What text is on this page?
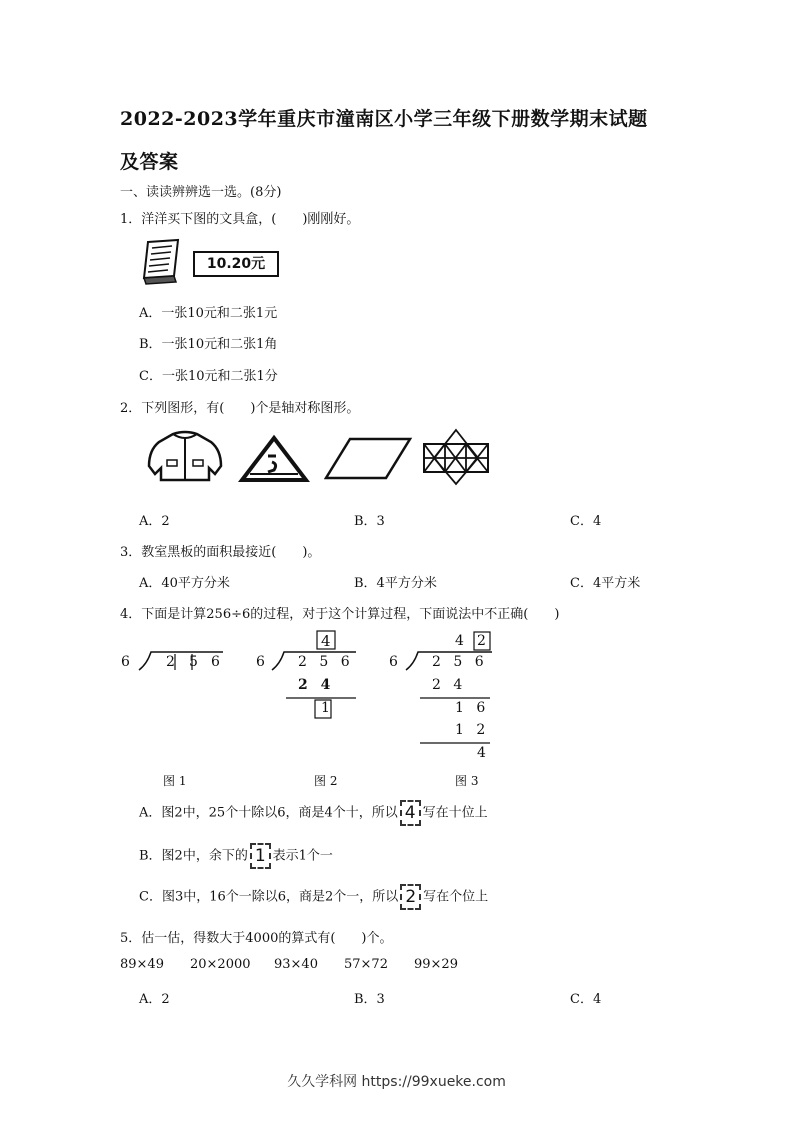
2022-2023学年重庆市潼南区小学三年级下册数学期末试题
及答案
一、读读辨辨选一选。(8分)
1．洋洋买下图的文具盒，(　　)刚刚好。
10.20元
A．一张10元和二张1元
B．一张10元和二张1角
C．一张10元和二张1分
2．下列图形，有(　　)个是轴对称图形。
A．2	B．3	C．4
3．教室黑板的面积最接近(　　)。
A．40平方分米	B．4平方分米	C．4平方米
4．下面是计算256÷6的过程，对于这个计算过程，下面说法中不正确(　　)
6	2 5 6
4
6 2 5 6
2 4
1
4 2
6 2 5 6
2 4
1 6
1 2
4
图 1	图 2	图 3
A．图2中，25个十除以6，商是4个十，所以 4 写在十位上
B．图2中，余下的 1 表示1个一
C．图3中，16个一除以6，商是2个一，所以 2 写在个位上
5．估一估，得数大于4000的算式有(　　)个。
89×49 20×2000 93×40 57×72 99×29
A．2	B．3	C．4
久久学科网 https://99xueke.com
